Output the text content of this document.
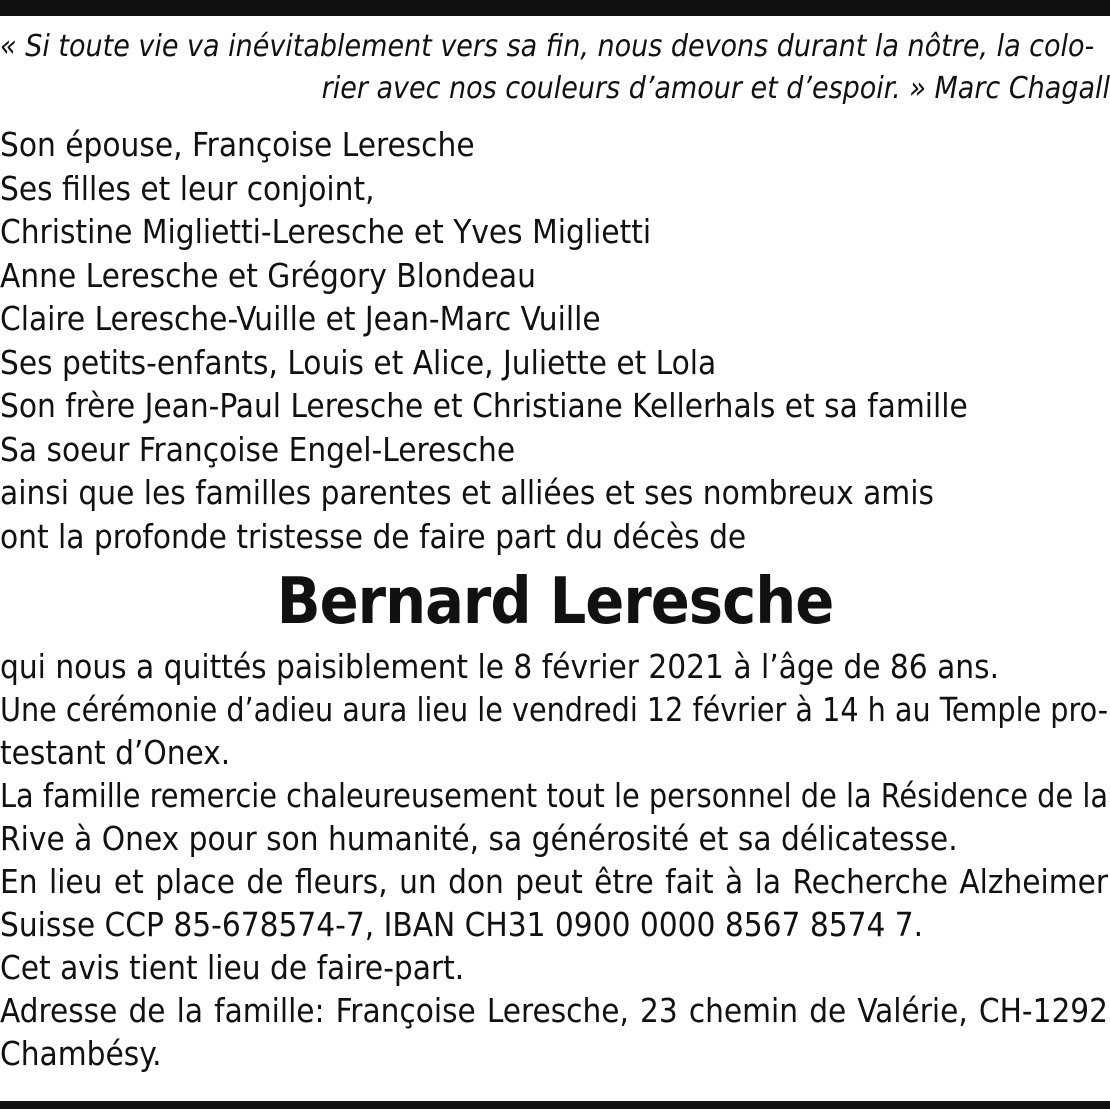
« Si toute vie va inévitablement vers sa fin, nous devons durant la nôtre, la colo-
rier avec nos couleurs d’amour et d’espoir. » Marc Chagall
Son épouse, Françoise Leresche
Ses filles et leur conjoint,
Christine Miglietti-Leresche et Yves Miglietti
Anne Leresche et Grégory Blondeau
Claire Leresche-Vuille et Jean-Marc Vuille
Ses petits-enfants, Louis et Alice, Juliette et Lola
Son frère Jean-Paul Leresche et Christiane Kellerhals et sa famille
Sa soeur Françoise Engel-Leresche
ainsi que les familles parentes et alliées et ses nombreux amis
ont la profonde tristesse de faire part du décès de
Bernard Leresche
qui nous a quittés paisiblement le 8 février 2021 à l’âge de 86 ans.
Une cérémonie d’adieu aura lieu le vendredi 12 février à 14 h au Temple pro-
testant d’Onex.
La famille remercie chaleureusement tout le personnel de la Résidence de la
Rive à Onex pour son humanité, sa générosité et sa délicatesse.
En lieu et place de fleurs, un don peut être fait à la Recherche Alzheimer
Suisse CCP 85-678574-7, IBAN CH31 0900 0000 8567 8574 7.
Cet avis tient lieu de faire-part.
Adresse de la famille: Françoise Leresche, 23 chemin de Valérie, CH-1292
Chambésy.
